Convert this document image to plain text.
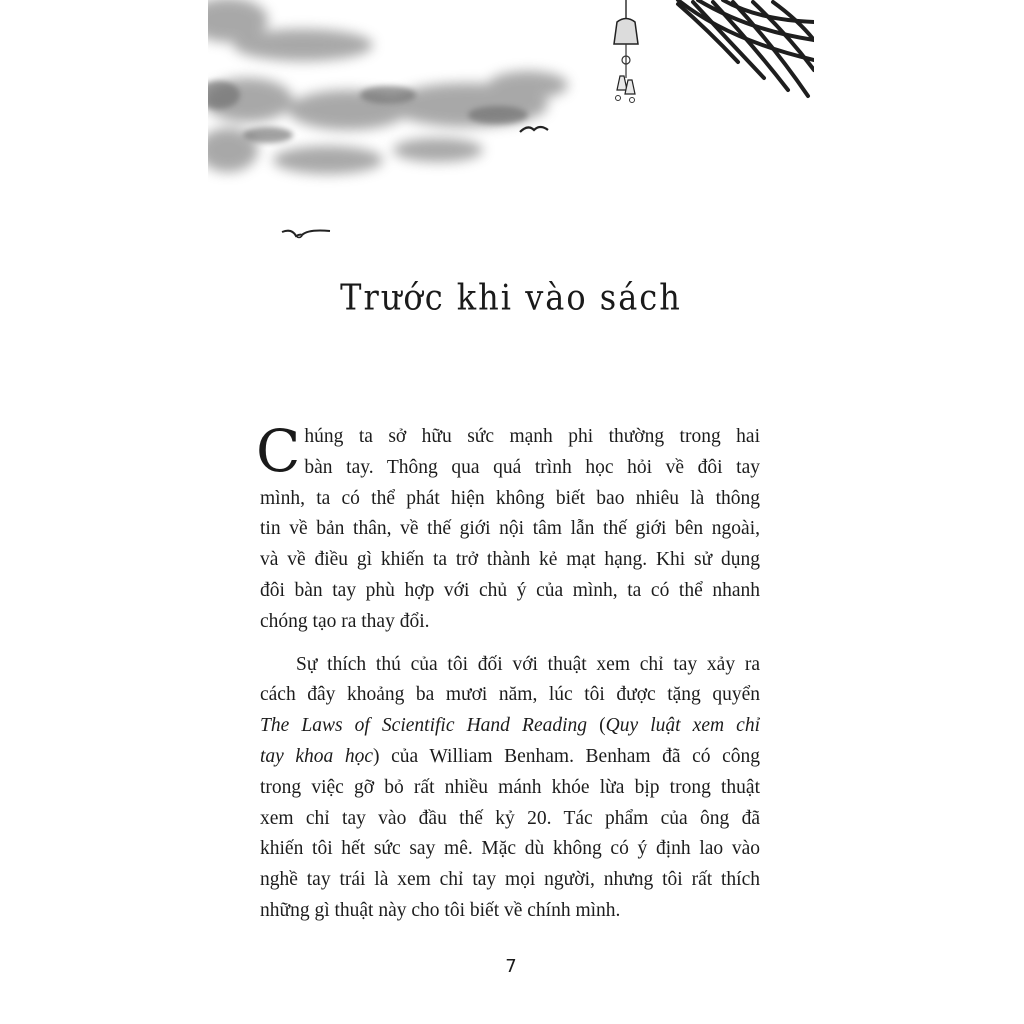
Trước khi vào sách

C húng ta sở hữu sức mạnh phi thường trong hai
bàn tay. Thông qua quá trình học hỏi về đôi tay
mình, ta có thể phát hiện không biết bao nhiêu là thông
tin về bản thân, về thế giới nội tâm lẫn thế giới bên ngoài,
và về điều gì khiến ta trở thành kẻ mạt hạng. Khi sử dụng
đôi bàn tay phù hợp với chủ ý của mình, ta có thể nhanh
chóng tạo ra thay đổi.

Sự thích thú của tôi đối với thuật xem chỉ tay xảy ra
cách đây khoảng ba mươi năm, lúc tôi được tặng quyển
The Laws of Scientific Hand Reading (Quy luật xem chỉ
tay khoa học) của William Benham. Benham đã có công
trong việc gỡ bỏ rất nhiều mánh khóe lừa bịp trong thuật
xem chỉ tay vào đầu thế kỷ 20. Tác phẩm của ông đã
khiến tôi hết sức say mê. Mặc dù không có ý định lao vào
nghề tay trái là xem chỉ tay mọi người, nhưng tôi rất thích
những gì thuật này cho tôi biết về chính mình.

7
